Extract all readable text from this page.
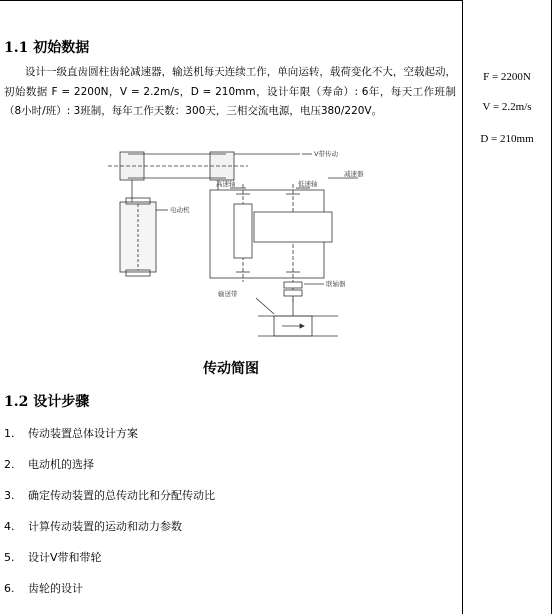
1.1 初始数据

设计一级直齿圆柱齿轮减速器，输送机每天连续工作，单向运转，载荷变化不大，空载起动，初始数据 F = 2200N，V = 2.2m/s，D = 210mm，设计年限（寿命）: 6年，每天工作班制（8小时/班）: 3班制，每年工作天数：300天，三相交流电源，电压380/220V。

V带传动
减速器
高速轴	低速轴
电动机
联轴器
输送带
传动简图
1.2 设计步骤
1. 传动装置总体设计方案
2. 电动机的选择
3. 确定传动装置的总传动比和分配传动比
4. 计算传动装置的运动和动力参数
5. 设计V带和带轮
6. 齿轮的设计
F = 2200N
V = 2.2m/s
D = 210mm
